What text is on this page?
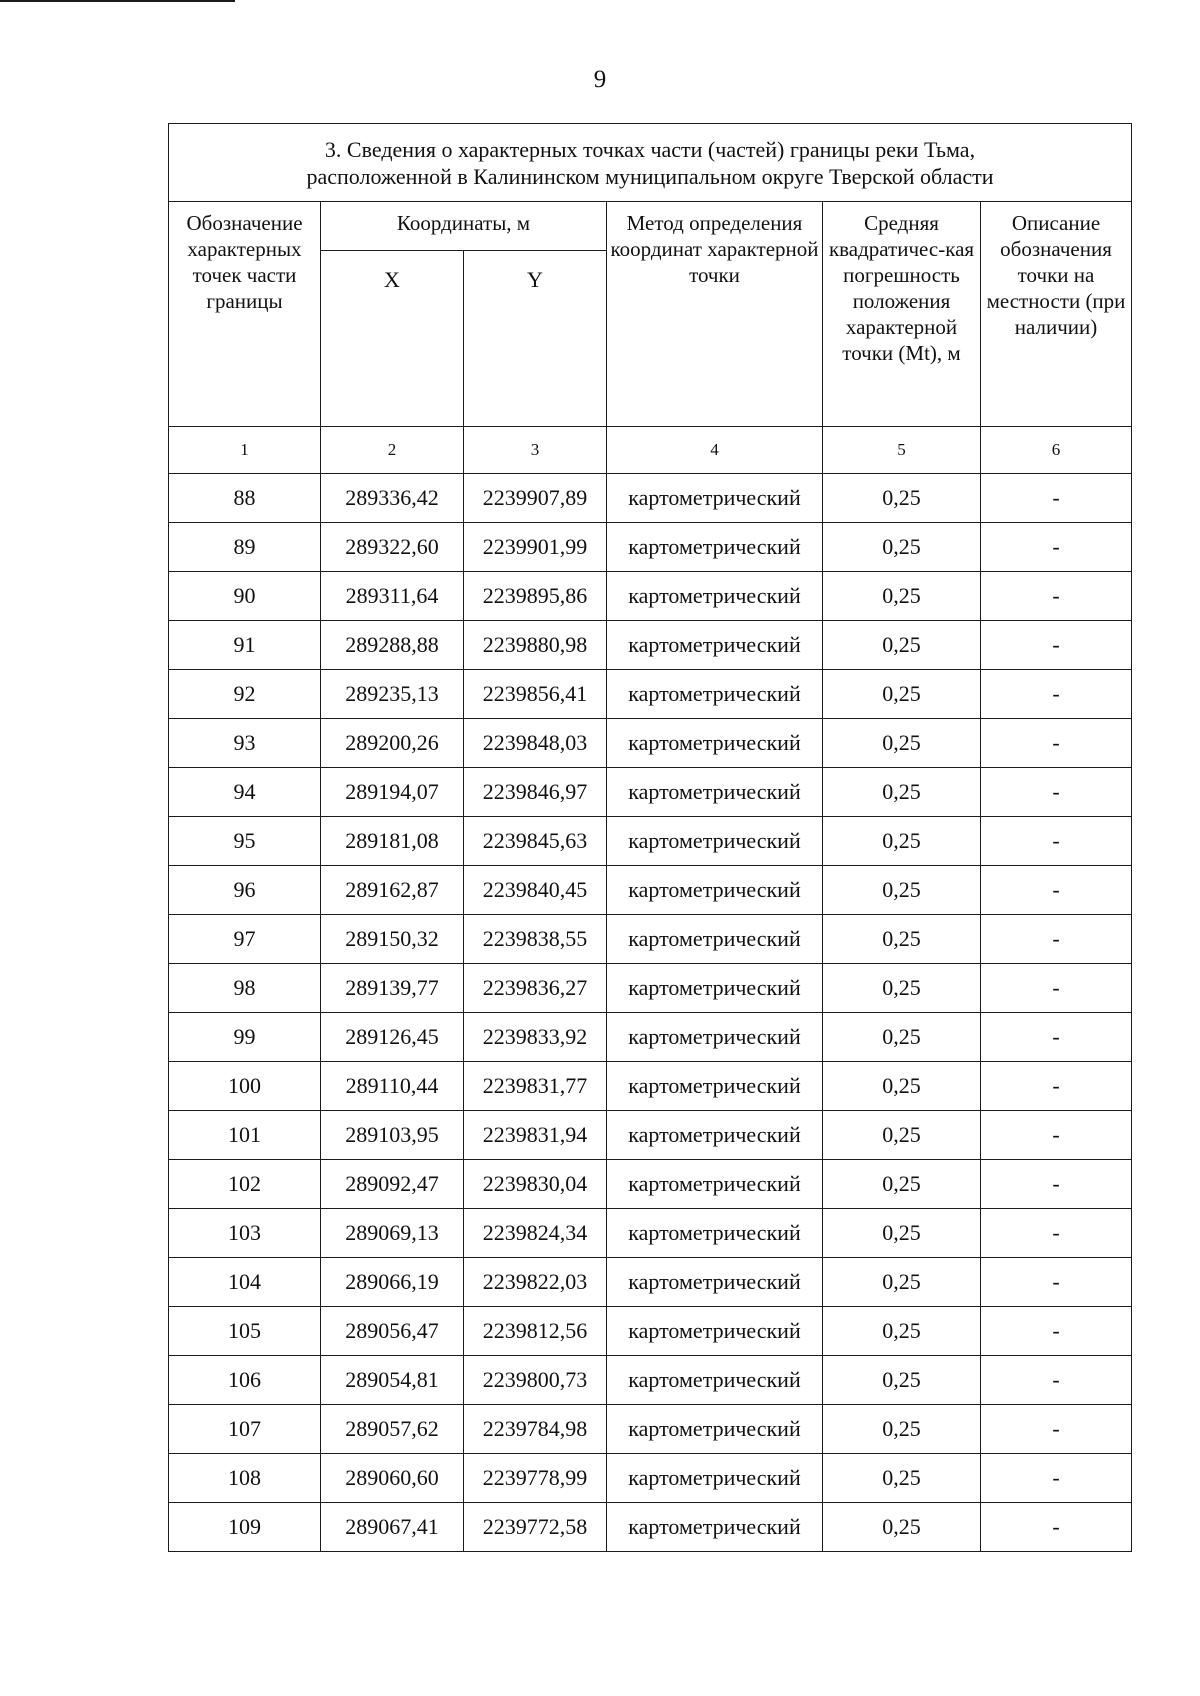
9
3. Сведения о характерных точках части (частей) границы реки Тьма,
расположенной в Калининском муниципальном округе Тверской области					

Обозначение характерных точек части границы	Координаты, м		Метод определения координат характерной точки	Средняя квадратичес-кая погрешность положения характерной точки (Mt), м	Описание обозначения точки на местности (при наличии)
	X	Y			
1	2	3	4	5	6
88	289336,42	2239907,89	картометрический	0,25	-
89	289322,60	2239901,99	картометрический	0,25	-
90	289311,64	2239895,86	картометрический	0,25	-
91	289288,88	2239880,98	картометрический	0,25	-
92	289235,13	2239856,41	картометрический	0,25	-
93	289200,26	2239848,03	картометрический	0,25	-
94	289194,07	2239846,97	картометрический	0,25	-
95	289181,08	2239845,63	картометрический	0,25	-
96	289162,87	2239840,45	картометрический	0,25	-
97	289150,32	2239838,55	картометрический	0,25	-
98	289139,77	2239836,27	картометрический	0,25	-
99	289126,45	2239833,92	картометрический	0,25	-
100	289110,44	2239831,77	картометрический	0,25	-
101	289103,95	2239831,94	картометрический	0,25	-
102	289092,47	2239830,04	картометрический	0,25	-
103	289069,13	2239824,34	картометрический	0,25	-
104	289066,19	2239822,03	картометрический	0,25	-
105	289056,47	2239812,56	картометрический	0,25	-
106	289054,81	2239800,73	картометрический	0,25	-
107	289057,62	2239784,98	картометрический	0,25	-
108	289060,60	2239778,99	картометрический	0,25	-
109	289067,41	2239772,58	картометрический	0,25	-
